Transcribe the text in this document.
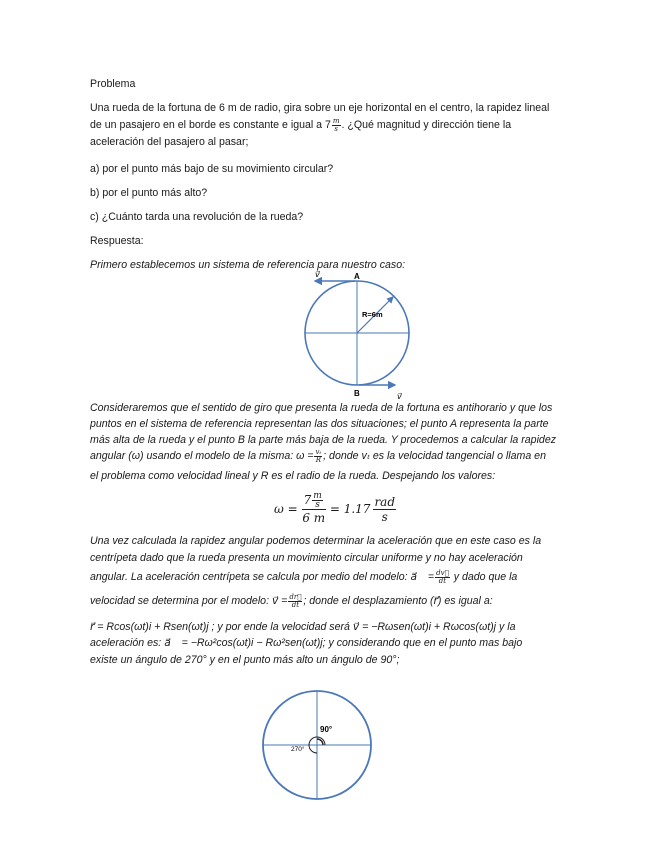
Problema
Una rueda de la fortuna de 6 m de radio, gira sobre un eje horizontal en el centro, la rapidez lineal
de un pasajero en el borde es constante e igual a $7 \frac{m}{s}$ . ¿Qué magnitud y dirección tiene la
aceleración del pasajero al pasar;
a) por el punto más bajo de su movimiento circular?
b) por el punto más alto?
c) ¿Cuánto tarda una revolución de la rueda?
Respuesta:
Primero establecemos un sistema de referencia para nuestro caso:
A
B
R=6m
v⃗
v⃗
Consideraremos que el sentido de giro que presenta la rueda de la fortuna es antihorario y que los
puntos en el sistema de referencia representan las dos situaciones; el punto A representa la parte
más alta de la rueda y el punto B la parte más baja de la rueda. Y procedemos a calcular la rapidez
angular (ω) usando el modelo de la misma: $\omega = \frac{\text{vₜ}}{R}$ ; donde vₜ es la velocidad tangencial o llama en
el problema como velocidad lineal y R es el radio de la rueda. Despejando los valores:
$\omega = \frac{7 \frac{m}{s}}{6 m} = 1.17$
rad
s
Una vez calculada la rapidez angular podemos determinar la aceleración que en este caso es la
centrípeta dado que la rueda presenta un movimiento circular uniforme y no hay aceleración
angular. La aceleración centrípeta se calcula por medio del modelo: a⃗꜀ = $\frac{dv⃗}{dt}$ y dado que la
velocidad se determina por el modelo: v⃗ = $\frac{dr⃗}{dt}$ ; donde el desplazamiento (r⃗) es igual a:
r⃗ = Rcos(ωt)i + Rsen(ωt)j ; y por ende la velocidad será v⃗ = −Rωsen(ωt)i + Rωcos(ωt)j y la
aceleración es: a⃗꜀ = −Rω²cos(ωt)i − Rω²sen(ωt)j; y considerando que en el punto mas bajo
existe un ángulo de 270° y en el punto más alto un ángulo de 90°;
90°
270°
